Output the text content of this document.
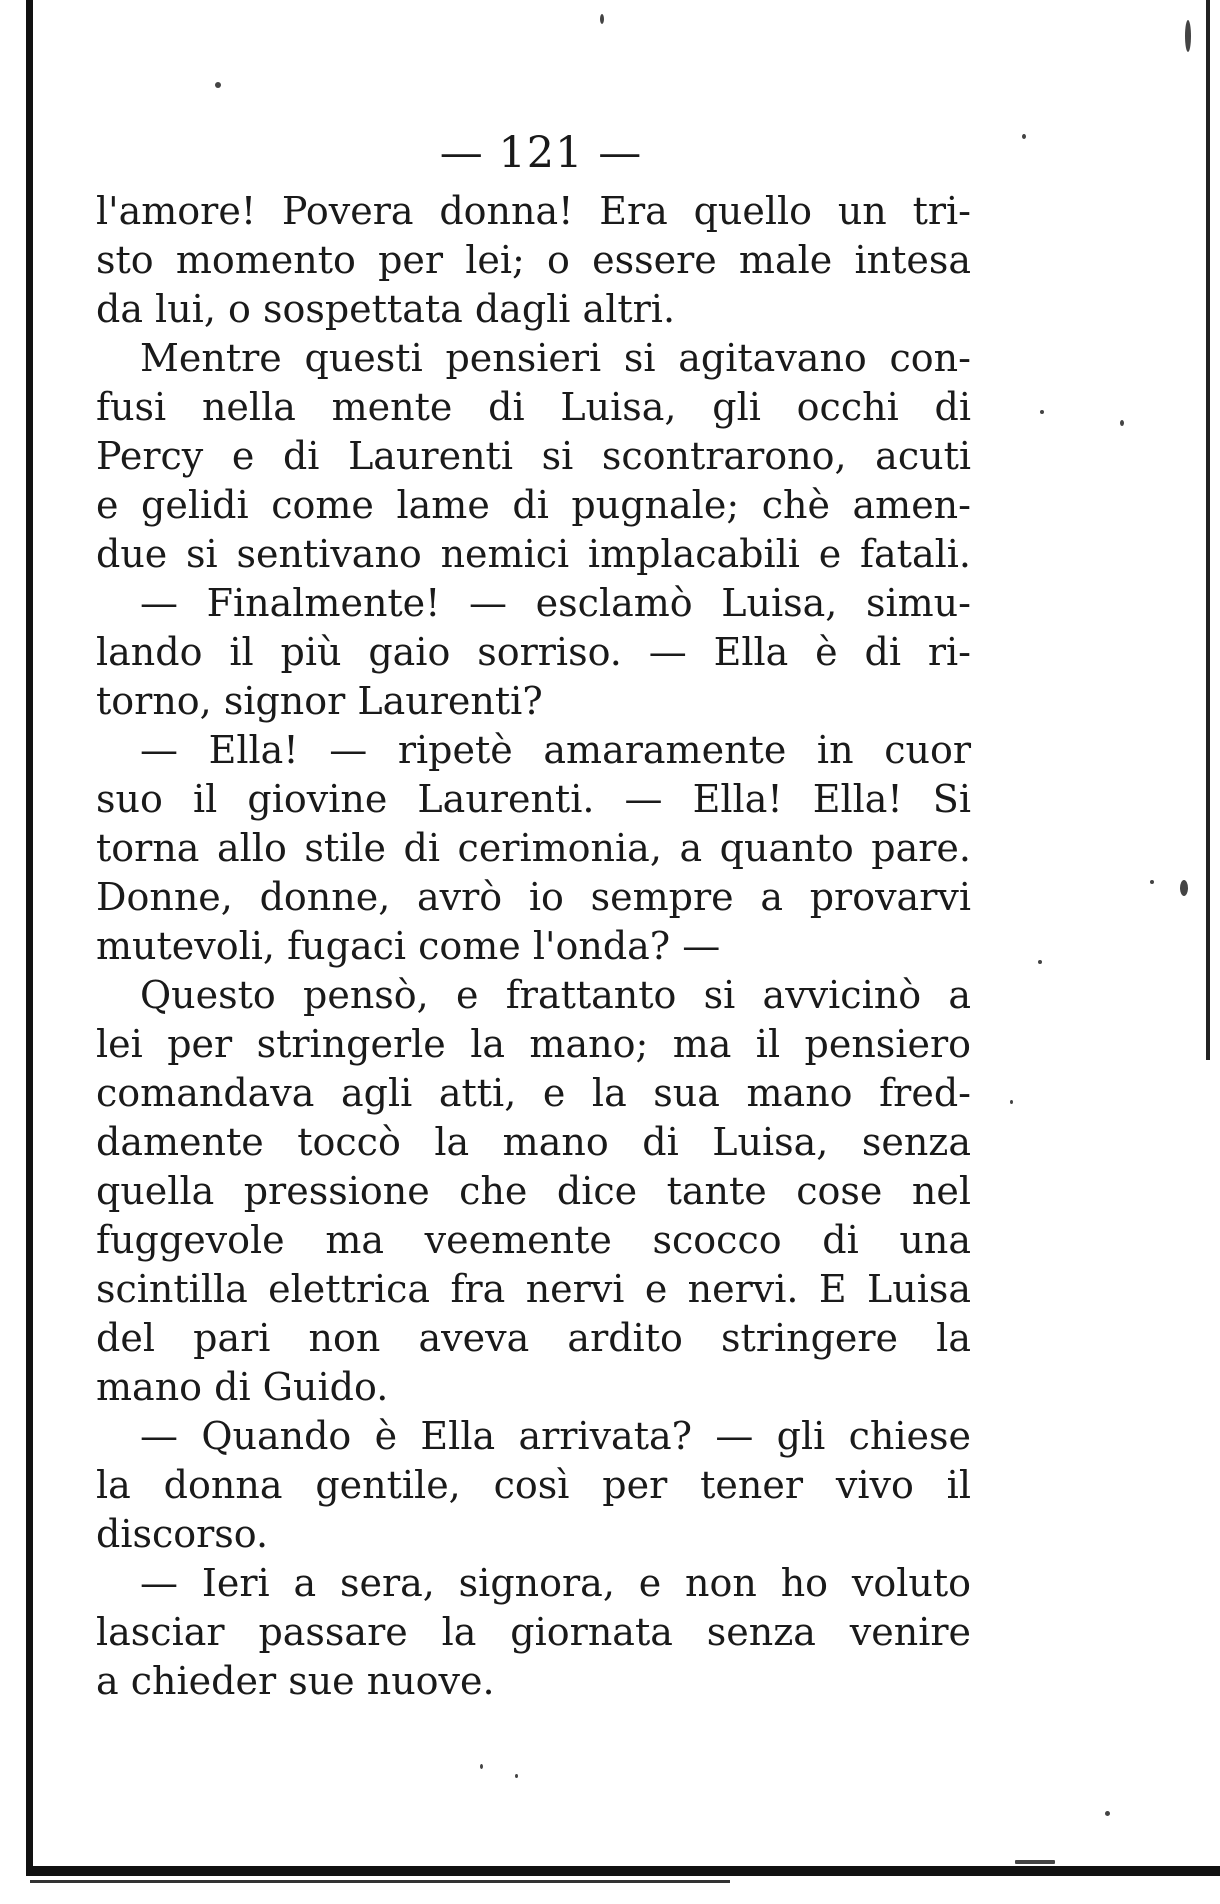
— 121 —
l'amore! Povera donna! Era quello un tri-
sto momento per lei; o essere male intesa
da lui, o sospettata dagli altri.
Mentre questi pensieri si agitavano con-
fusi nella mente di Luisa, gli occhi di
Percy e di Laurenti si scontrarono, acuti
e gelidi come lame di pugnale; chè amen-
due si sentivano nemici implacabili e fatali.
— Finalmente! — esclamò Luisa, simu-
lando il più gaio sorriso. — Ella è di ri-
torno, signor Laurenti?
— Ella! — ripetè amaramente in cuor
suo il giovine Laurenti. — Ella! Ella! Si
torna allo stile di cerimonia, a quanto pare.
Donne, donne, avrò io sempre a provarvi
mutevoli, fugaci come l'onda? —
Questo pensò, e frattanto si avvicinò a
lei per stringerle la mano; ma il pensiero
comandava agli atti, e la sua mano fred-
damente toccò la mano di Luisa, senza
quella pressione che dice tante cose nel
fuggevole ma veemente scocco di una
scintilla elettrica fra nervi e nervi. E Luisa
del pari non aveva ardito stringere la
mano di Guido.
— Quando è Ella arrivata? — gli chiese
la donna gentile, così per tener vivo il
discorso.
— Ieri a sera, signora, e non ho voluto
lasciar passare la giornata senza venire
a chieder sue nuove.
